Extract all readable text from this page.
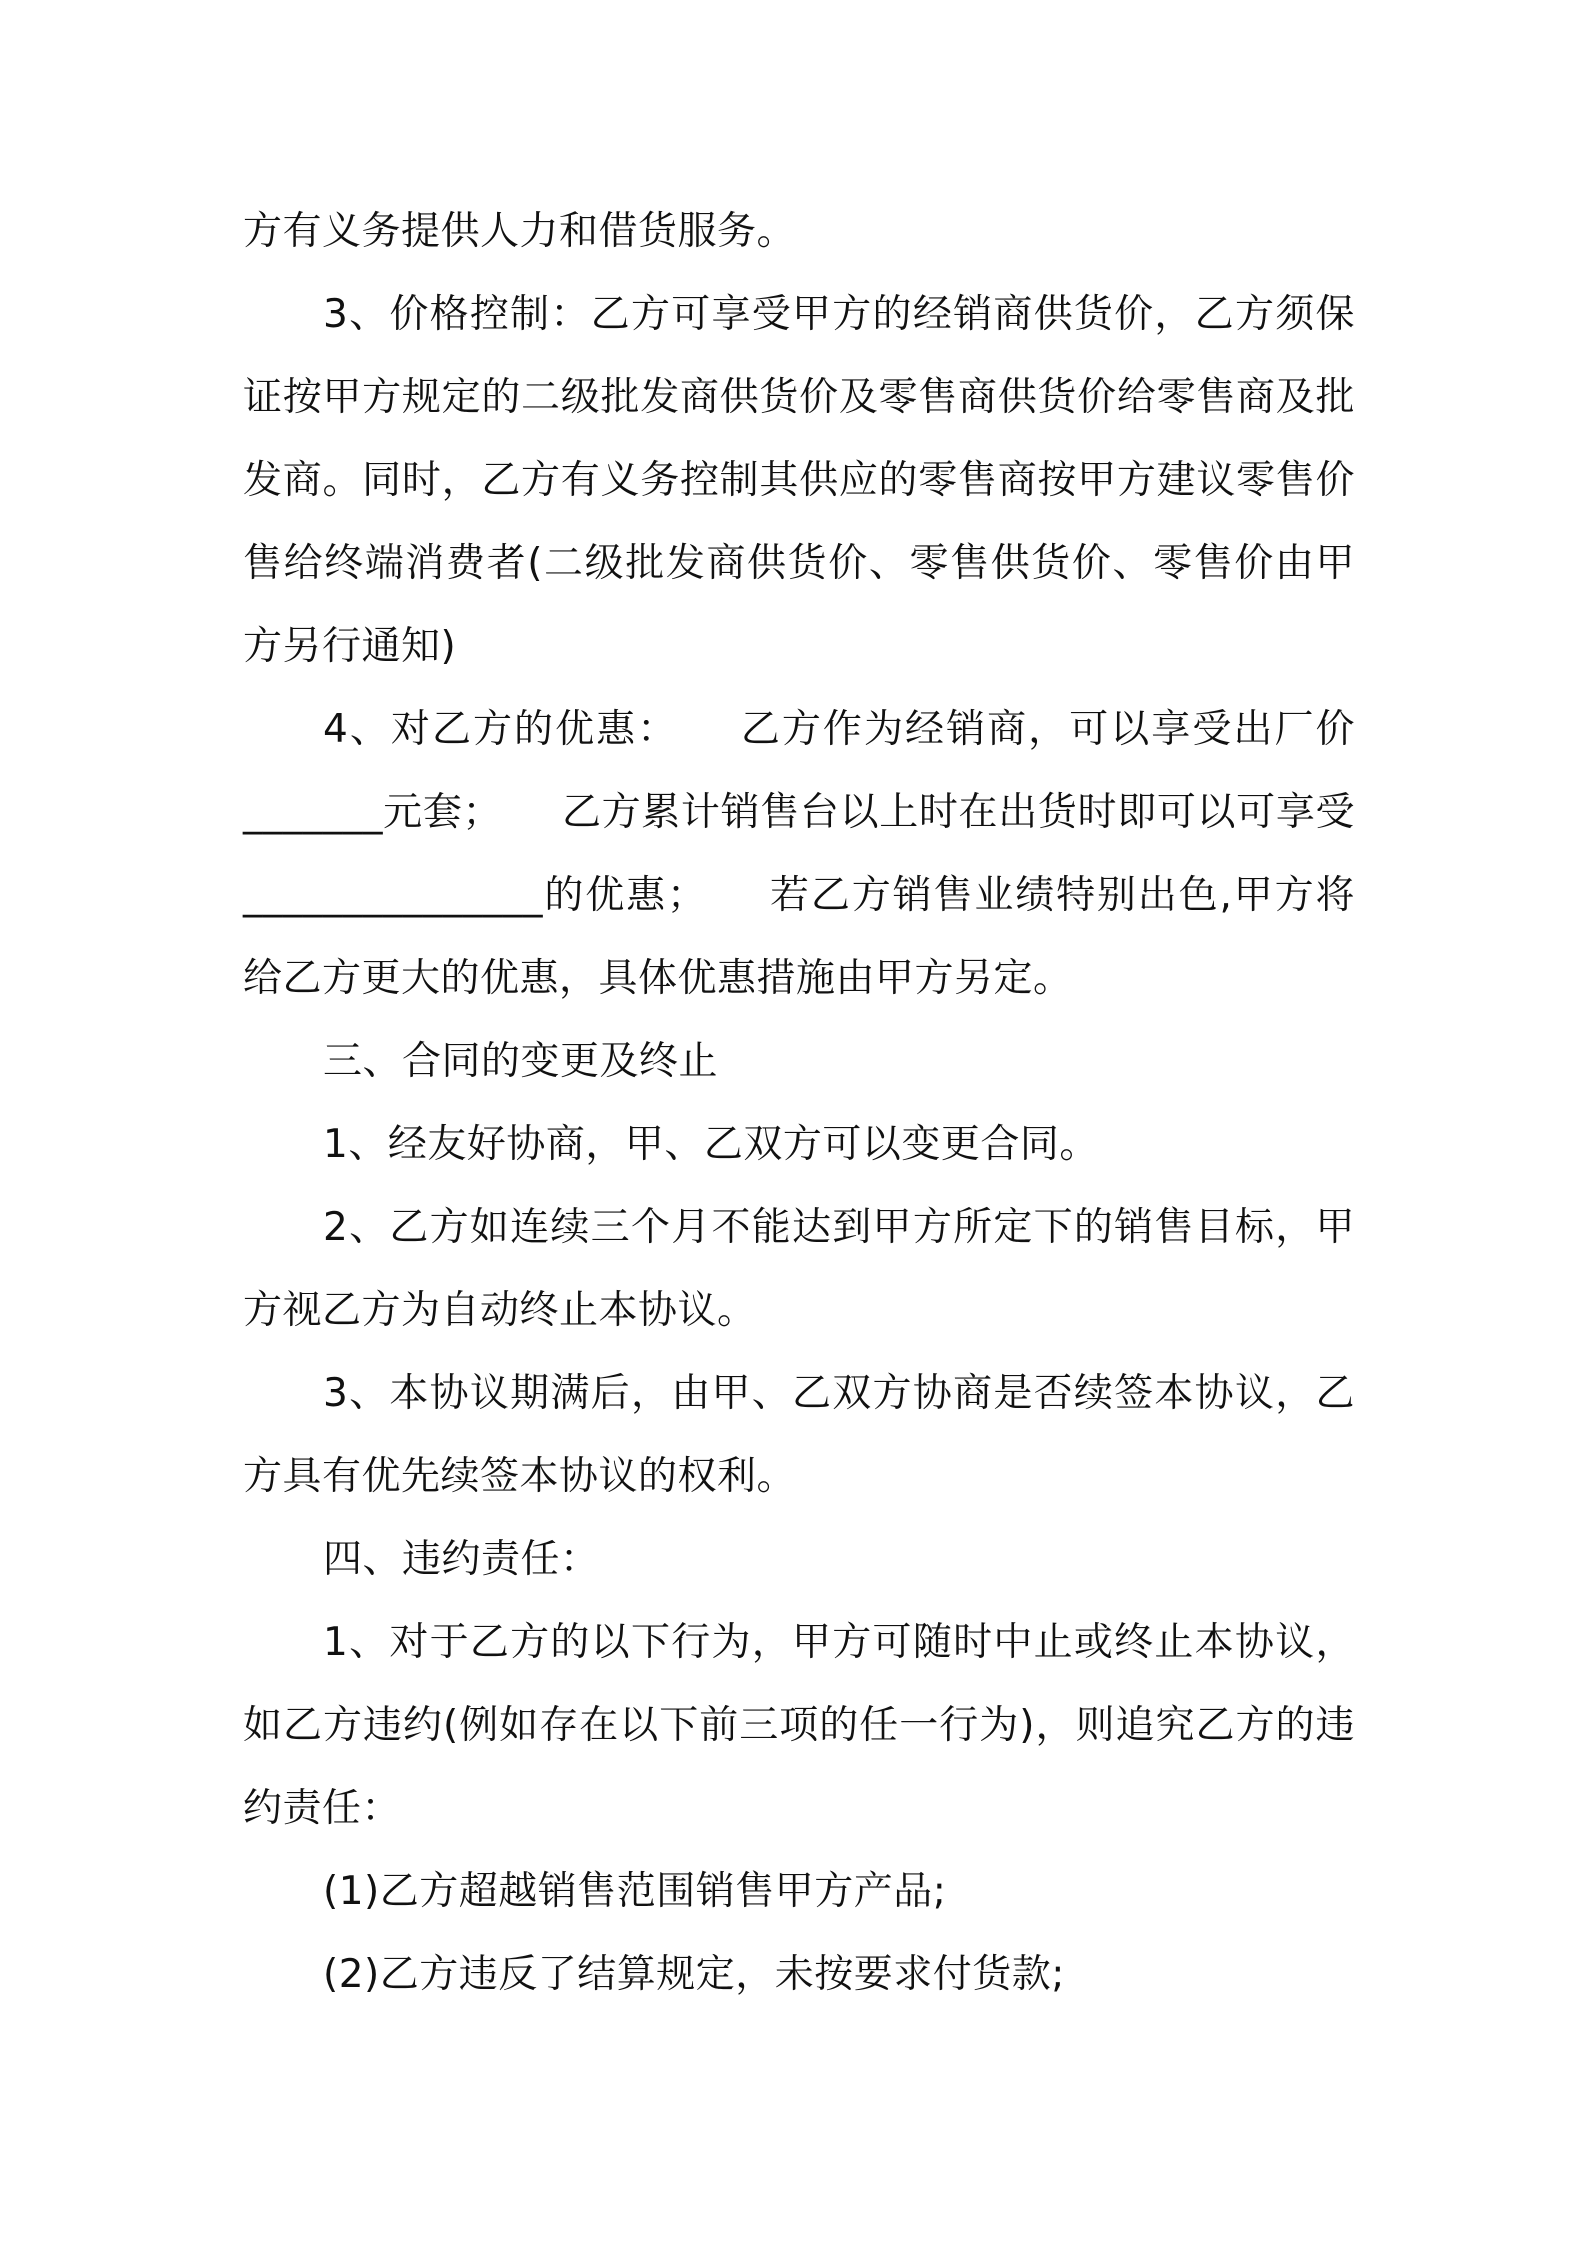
方有义务提供人力和借货服务。

3、价格控制：乙方可享受甲方的经销商供货价，乙方须保证按甲方规定的二级批发商供货价及零售商供货价给零售商及批发商。同时，乙方有义务控制其供应的零售商按甲方建议零售价售给终端消费者(二级批发商供货价、零售供货价、零售价由甲方另行通知)

4、对乙方的优惠：　　乙方作为经销商，可以享受出厂价_______元套；　　乙方累计销售台以上时在出货时即可以可享受_______________的优惠；　　若乙方销售业绩特别出色,甲方将给乙方更大的优惠，具体优惠措施由甲方另定。

三、合同的变更及终止

1、经友好协商，甲、乙双方可以变更合同。

2、乙方如连续三个月不能达到甲方所定下的销售目标，甲方视乙方为自动终止本协议。

3、本协议期满后，由甲、乙双方协商是否续签本协议，乙方具有优先续签本协议的权利。

四、违约责任：

1、对于乙方的以下行为，甲方可随时中止或终止本协议，如乙方违约(例如存在以下前三项的任一行为)，则追究乙方的违约责任：

(1)乙方超越销售范围销售甲方产品;

(2)乙方违反了结算规定，未按要求付货款;
